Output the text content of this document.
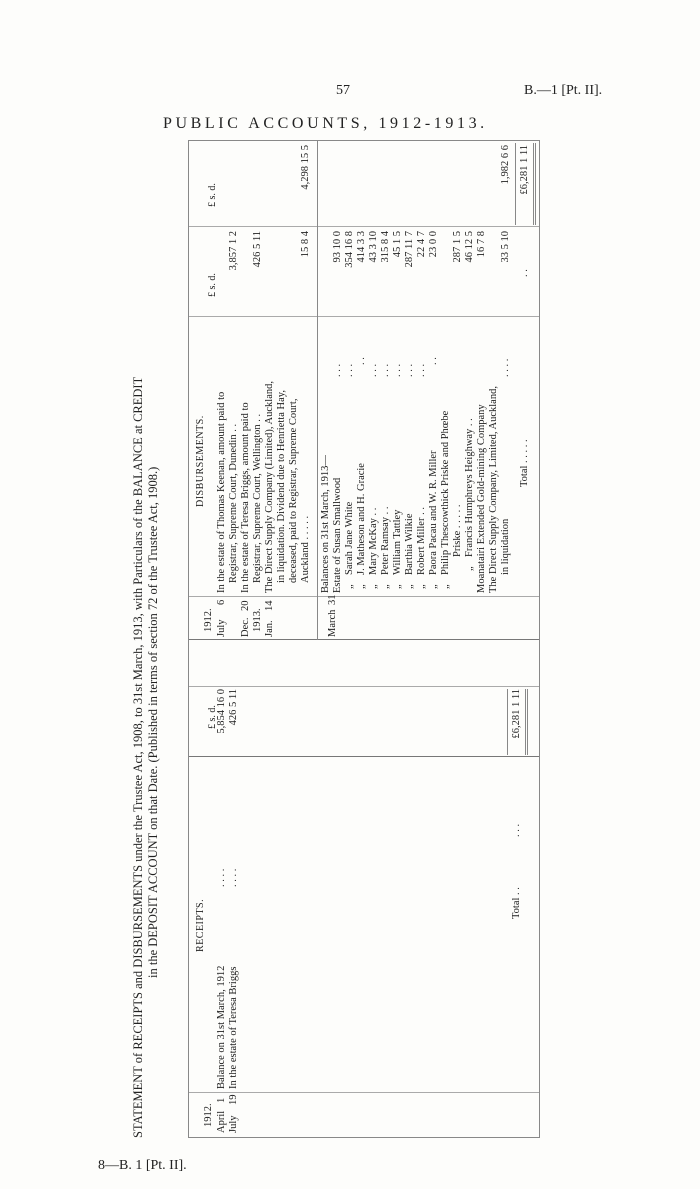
57	B.—1 [Pt. II].
PUBLIC ACCOUNTS, 1912-1913.
STATEMENT of RECEIPTS and DISBURSEMENTS under the Trustee Act, 1908, to 31st March, 1913, with Particulars of the BALANCE at CREDIT in the DEPOSIT ACCOUNT on that Date. (Published in terms of section 72 of the Trustee Act, 1908.)	RECEIPTS.
£ s. d.
1912. April
1
Balance on 31st March, 1912
. . . .
5,854 16 0
July
19
In the estate of Teresa Briggs
. . . .
426 5 11
Total . .
. . .
£6,281 1 11
DISBURSEMENTS.
£ s. d.
£ s. d.
1912. July
6
In the estate of Thomas Keenan, amount paid to Registrar, Supreme Court, Dunedin . .
3,857 1 2
Dec.
20
In the estate of Teresa Briggs, amount paid to Registrar, Supreme Court, Wellington . .
426 5 11
1913. Jan.
14
The Direct Supply Company (Limited), Auckland, in liquidation. Dividend due to Henrietta Hay, deceased, paid to Registrar, Supreme Court, Auckland . . . . .
15 8 4
4,298 15 5
March
31
Balances on 31st March, 1913— Estate of Susan Smallwood
. . .
93 10 0
„
Sarah Jane White
. . .
354 16 8
„
J. Matheson and H. Gracie
. .
414 3 3
„
Mary McKay . .
. . .
43 3 10
„
Peter Ramsay . .
. . .
315 8 4
„
William Tattley
. . .
45 1 5
„
Barthia Wilkie
. . .
287 11 7
„
Robert Miller . .
. . .
22 4 7
„
Paora Pacau and W. R. Miller
. .
23 0 0
„
Philip Thescowthick Priske and Phœbe Priske . . . . .
287 1 5
„
Francis Humphreys Heighway . .
46 12 5
Moanatairi Extended Gold-mining Company
16 7 8
The Direct Supply Company, Limited, Auckland, in liquidation
. . . .
33 5 10
1,982 6 6
Total . . . . .
. .
£6,281 1 11
8—B. 1 [Pt. II].
